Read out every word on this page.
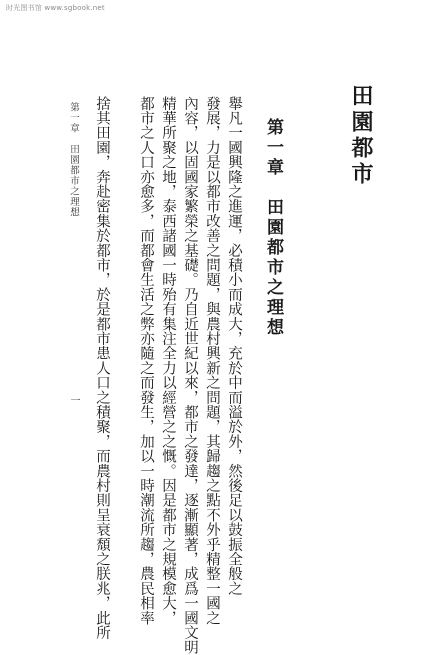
时光图书馆 www.sgbook.net
田園都市
第一章　田園都市之理想
舉凡一國興隆之進運，必積小而成大，充於中而溢於外，然後足以鼓振全般之
發展，力是以都市改善之問題，與農村興新之問題，其歸趨之點不外乎精整一國之
內容，以固國家繁榮之基礎。乃自近世紀以來，都市之發達，逐漸顯著，成爲一國文明
精華所聚之地，泰西諸國一時殆有集注全力以經營之之慨。因是都市之規模愈大，
都市之人口亦愈多，而都會生活之弊亦隨之而發生，加以一時潮流所趨，農民相率
捨其田園，奔赴密集於都市，於是都市患人口之積聚，而農村則呈衰頹之朕兆，此所
第一章　田園都市之理想
一
